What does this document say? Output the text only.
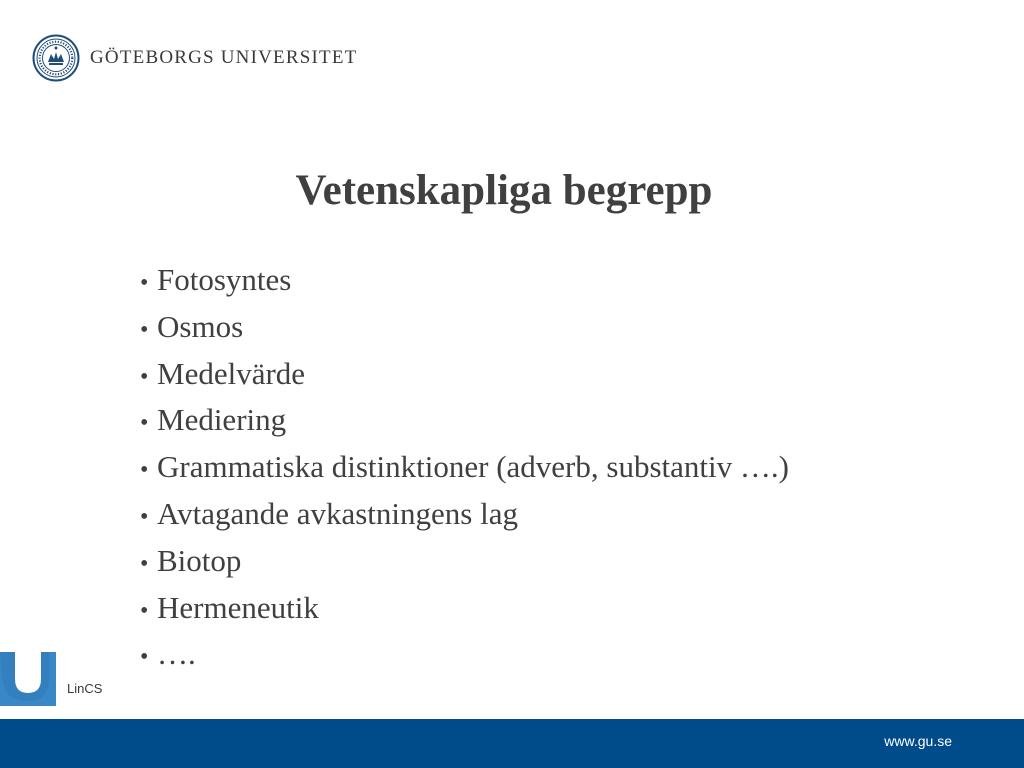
GÖTEBORGS UNIVERSITET
Vetenskapliga begrepp
• Fotosyntes
• Osmos
• Medelvärde
• Mediering
• Grammatiska distinktioner (adverb, substantiv ….)
• Avtagande avkastningens lag
• Biotop
• Hermeneutik
• ….
LinCS
www.gu.se
